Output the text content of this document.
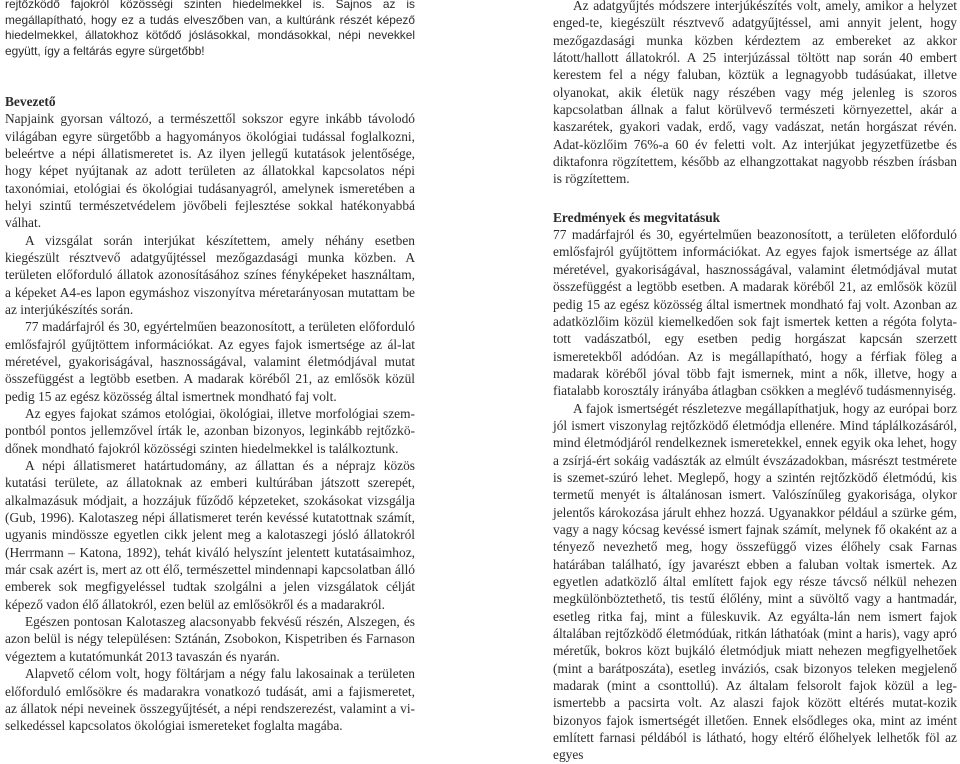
rejtőzködő fajokról közösségi szinten hiedelmekkel is. Sajnos az is megállapítható, hogy ez a tudás elveszőben van, a kultúránk részét képező hiedelmekkel, állatokhoz kötődő jóslásokkal, mondásokkal, népi nevekkel együtt, így a feltárás egyre sürgetőbb!

Bevezető

Napjaink gyorsan változó, a természettől sokszor egyre inkább távolodó világában egyre sürgetőbb a hagyományos ökológiai tudással foglalkozni, beleértve a népi állatismeretet is. Az ilyen jellegű kutatások jelentősége, hogy képet nyújtanak az adott területen az állatokkal kapcsolatos népi taxonómiai, etológiai és ökológiai tudásanyagról, amelynek ismeretében a helyi szintű természetvédelem jövőbeli fejlesztése sokkal hatékonyabbá válhat.

A vizsgálat során interjúkat készítettem, amely néhány esetben kiegészült résztvevő adatgyűjtéssel mezőgazdasági munka közben. A területen előforduló állatok azonosításához színes fényképeket használtam, a képeket A4-es lapon egymáshoz viszonyítva méretarányosan mutattam be az interjúkészítés során.

77 madárfajról és 30, egyértelműen beazonosított, a területen előforduló emlősfajról gyűjtöttem információkat. Az egyes fajok ismertsége az ál-lat méretével, gyakoriságával, hasznosságával, valamint életmódjával mutat összefüggést a legtöbb esetben. A madarak köréből 21, az emlősök közül pedig 15 az egész közösség által ismertnek mondható faj volt.

Az egyes fajokat számos etológiai, ökológiai, illetve morfológiai szem-pontból pontos jellemzővel írták le, azonban bizonyos, leginkább rejtőzkö-dőnek mondható fajokról közösségi szinten hiedelmekkel is találkoztunk.

A népi állatismeret határtudomány, az állattan és a néprajz közös kutatási területe, az állatoknak az emberi kultúrában játszott szerepét, alkalmazásuk módjait, a hozzájuk fűződő képzeteket, szokásokat vizsgálja (Gub, 1996). Kalotaszeg népi állatismeret terén kevéssé kutatottnak számít, ugyanis mindössze egyetlen cikk jelent meg a kalotaszegi jósló állatokról (Herrmann – Katona, 1892), tehát kiváló helyszínt jelentett kutatásaimhoz, már csak azért is, mert az ott élő, természettel mindennapi kapcsolatban álló emberek sok megfigyeléssel tudtak szolgálni a jelen vizsgálatok célját képező vadon élő állatokról, ezen belül az emlősökről és a madarakról.

Egészen pontosan Kalotaszeg alacsonyabb fekvésű részén, Alszegen, és azon belül is négy településen: Sztánán, Zsobokon, Kispetriben és Farnason végeztem a kutatómunkát 2013 tavaszán és nyarán.

Alapvető célom volt, hogy föltárjam a négy falu lakosainak a területen előforduló emlősökre és madarakra vonatkozó tudását, ami a fajismeretet, az állatok népi neveinek összegyűjtését, a népi rendszerezést, valamint a vi-selkedéssel kapcsolatos ökológiai ismereteket foglalta magába.

Az adatgyűjtés módszere interjúkészítés volt, amely, amikor a helyzet enged-te, kiegészült résztvevő adatgyűjtéssel, ami annyit jelent, hogy mezőgazdasági munka közben kérdeztem az embereket az akkor látott/hallott állatokról. A 25 interjúzással töltött nap során 40 embert kerestem fel a négy faluban, köztük a legnagyobb tudásúakat, illetve olyanokat, akik életük nagy részében vagy még jelenleg is szoros kapcsolatban állnak a falut körülvevő természeti környezettel, akár a kaszarétek, gyakori vadak, erdő, vagy vadászat, netán horgászat révén. Adat-közlőim 76%-a 60 év feletti volt. Az interjúkat jegyzetfüzetbe és diktafonra rögzítettem, később az elhangzottakat nagyobb részben írásban is rögzítettem.

Eredmények és megvitatásuk

77 madárfajról és 30, egyértelműen beazonosított, a területen előforduló emlősfajról gyűjtöttem információkat. Az egyes fajok ismertsége az állat méretével, gyakoriságával, hasznosságával, valamint életmódjával mutat összefüggést a legtöbb esetben. A madarak köréből 21, az emlősök közül pedig 15 az egész közösség által ismertnek mondható faj volt. Azonban az adatközlőim közül kiemelkedően sok fajt ismertek ketten a régóta folyta-tott vadászatból, egy esetben pedig horgászat kapcsán szerzett ismeretekből adódóan. Az is megállapítható, hogy a férfiak föleg a madarak köréből jóval több fajt ismernek, mint a nők, illetve, hogy a fiatalabb korosztály irányába átlagban csökken a meglévő tudásmennyiség.

A fajok ismertségét részletezve megállapíthatjuk, hogy az európai borz jól ismert viszonylag rejtőzködő életmódja ellenére. Mind táplálkozásáról, mind életmódjáról rendelkeznek ismeretekkel, ennek egyik oka lehet, hogy a zsírjá-ért sokáig vadászták az elmúlt évszázadokban, másrészt testmérete is szemet-szúró lehet. Meglepő, hogy a szintén rejtőzködő életmódú, kis termetű menyét is általánosan ismert. Valószínűleg gyakorisága, olykor jelentős károkozása járult ehhez hozzá. Ugyanakkor például a szürke gém, vagy a nagy kócsag kevéssé ismert fajnak számít, melynek fő okaként az a tényező nevezhető meg, hogy összefüggő vizes élőhely csak Farnas határában található, így javarészt ebben a faluban voltak ismertek. Az egyetlen adatközlő által említett fajok egy része távcső nélkül nehezen megkülönböztethető, tis testű élőlény, mint a süvöltő vagy a hantmadár, esetleg ritka faj, mint a füleskuvik. Az egyálta-lán nem ismert fajok általában rejtőzködő életmódúak, ritkán láthatóak (mint a haris), vagy apró méretűk, bokros közt bujkáló életmódjuk miatt nehezen megfigyelhetőek (mint a barátposzáta), esetleg inváziós, csak bizonyos teleken megjelenő madarak (mint a csonttollú). Az általam felsorolt fajok közül a leg-ismertebb a pacsirta volt. Az alaszi fajok között eltérés mutat-kozik bizonyos fajok ismertségét illetően. Ennek elsődleges oka, mint az imént említett farnasi példából is látható, hogy eltérő élőhelyek lelhetők föl az egyes
